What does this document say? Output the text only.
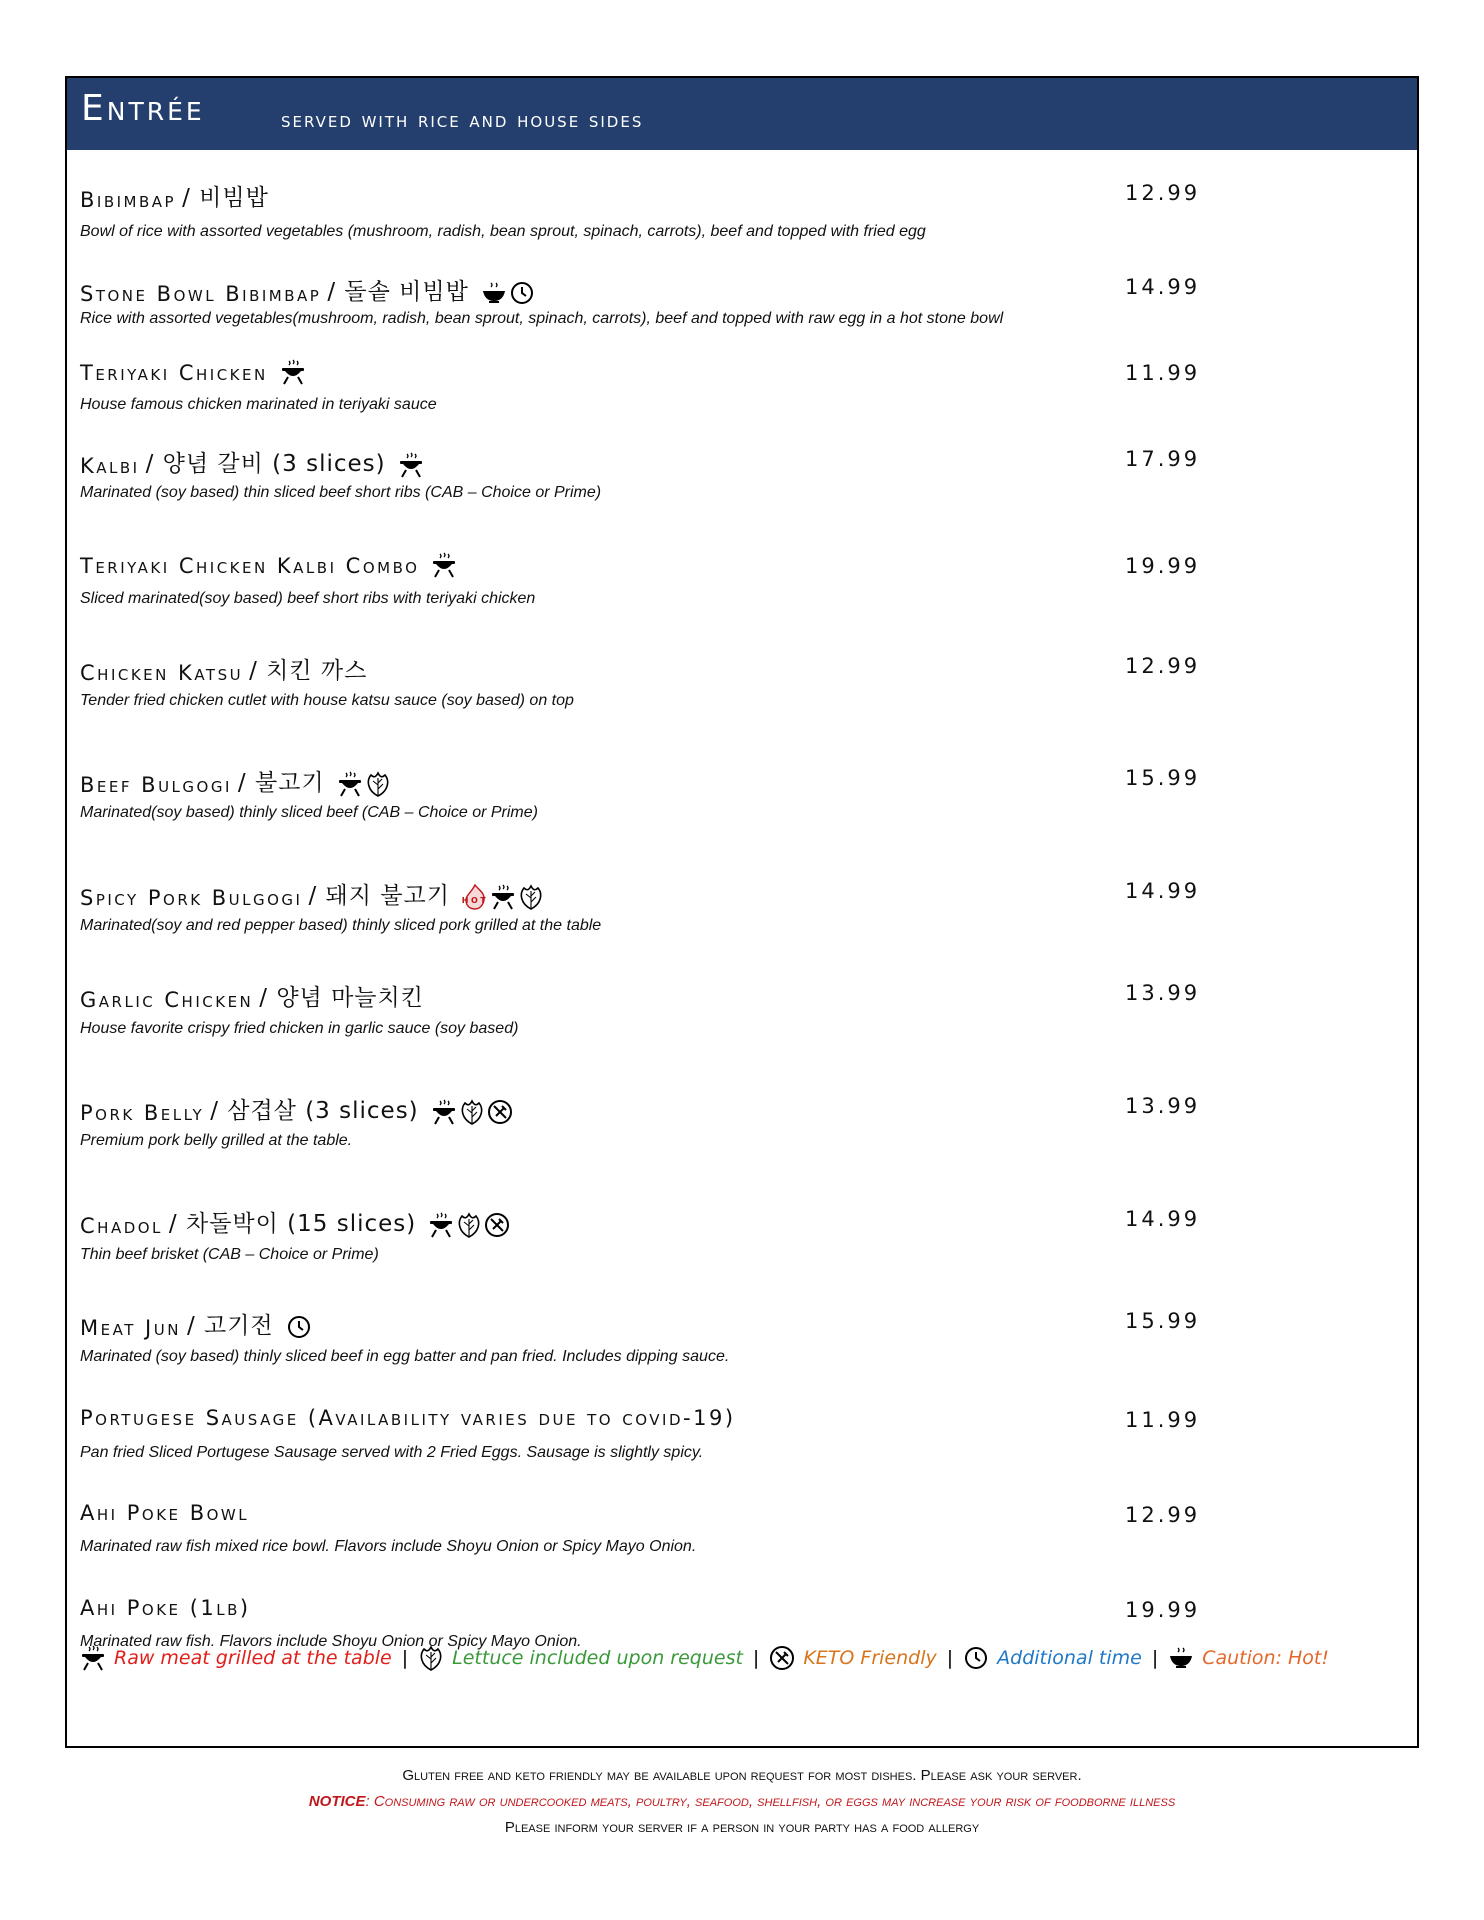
Entrée	served with rice and house sides
Bibimbap / 비빔밥	12.99
Bowl of rice with assorted vegetables (mushroom, radish, bean sprout, spinach, carrots), beef and topped with fried egg
Stone Bowl Bibimbap / 돌솥 비빔밥	14.99
Rice with assorted vegetables(mushroom, radish, bean sprout, spinach, carrots), beef and topped with raw egg in a hot stone bowl
Teriyaki Chicken	11.99
House famous chicken marinated in teriyaki sauce
Kalbi / 양념 갈비 (3 slices)	17.99
Marinated (soy based) thin sliced beef short ribs (CAB – Choice or Prime)
Teriyaki Chicken Kalbi Combo	19.99
Sliced marinated(soy based) beef short ribs with teriyaki chicken
Chicken Katsu / 치킨 까스	12.99
Tender fried chicken cutlet with house katsu sauce (soy based) on top
Beef Bulgogi / 불고기	15.99
Marinated(soy based) thinly sliced beef (CAB – Choice or Prime)
Spicy Pork Bulgogi / 돼지 불고기 HOT	14.99
Marinated(soy and red pepper based) thinly sliced pork grilled at the table
Garlic Chicken / 양념 마늘치킨	13.99
House favorite crispy fried chicken in garlic sauce (soy based)
Pork Belly / 삼겹살 (3 slices)	13.99
Premium pork belly grilled at the table.
Chadol / 차돌박이 (15 slices)	14.99
Thin beef brisket (CAB – Choice or Prime)
Meat Jun / 고기전	15.99
Marinated (soy based) thinly sliced beef in egg batter and pan fried. Includes dipping sauce.
Portugese Sausage (Availability varies due to covid-19)	11.99
Pan fried Sliced Portugese Sausage served with 2 Fried Eggs. Sausage is slightly spicy.
Ahi Poke Bowl	12.99
Marinated raw fish mixed rice bowl. Flavors include Shoyu Onion or Spicy Mayo Onion.
Ahi Poke (1lb)	19.99
Marinated raw fish. Flavors include Shoyu Onion or Spicy Mayo Onion.
Raw meat grilled at the table | Lettuce included upon request | KETO Friendly | Additional time | Caution: Hot!
Gluten free and keto friendly may be available upon request for most dishes. Please ask your server.
NOTICE: Consuming raw or undercooked meats, poultry, seafood, shellfish, or eggs may increase your risk of foodborne illness
Please inform your server if a person in your party has a food allergy
